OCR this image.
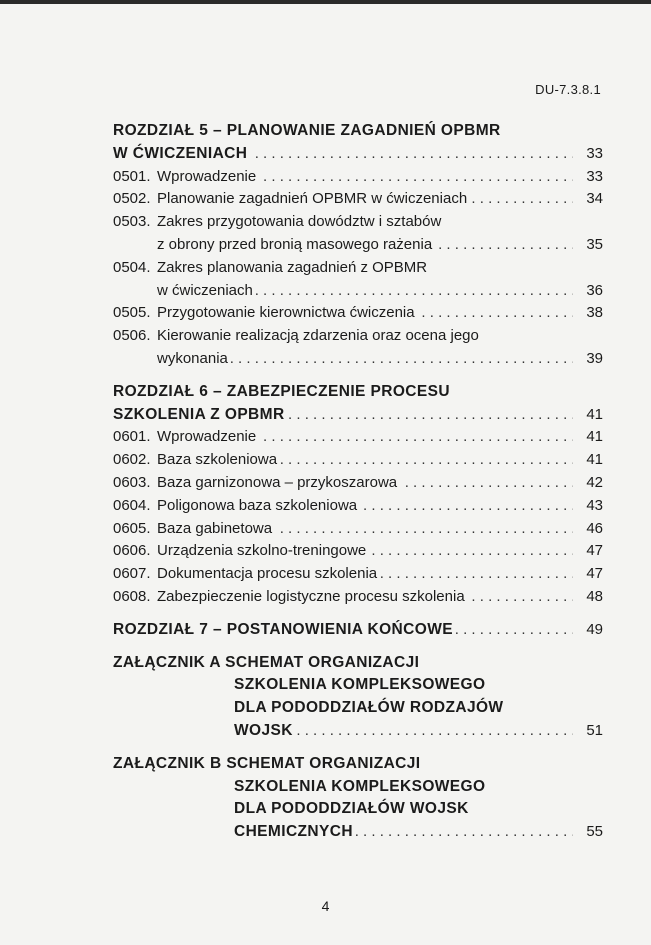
DU-7.3.8.1
ROZDZIAŁ 5 – PLANOWANIE ZAGADNIEŃ OPBMR
. . .
W ĆWICZENIACH	33
. . .
0501. Wprowadzenie	33
. . .
0502. Planowanie zagadnień OPBMR w ćwiczeniach	34
0503. Zakres przygotowania dowództw i sztabów
. . .
z obrony przed bronią masowego rażenia	35
0504. Zakres planowania zagadnień z OPBMR
. . .
w ćwiczeniach	36
. . .
0505. Przygotowanie kierownictwa ćwiczenia	38
0506. Kierowanie realizacją zdarzenia oraz ocena jego
. . .
wykonania	39
ROZDZIAŁ 6 – ZABEZPIECZENIE PROCESU
. . .
SZKOLENIA Z OPBMR	41
. . .
0601. Wprowadzenie	41
. . .
0602. Baza szkoleniowa	41
. . .
0603. Baza garnizonowa – przykoszarowa	42
. . .
0604. Poligonowa baza szkoleniowa	43
. . .
0605. Baza gabinetowa	46
. . .
0606. Urządzenia szkolno-treningowe	47
. . .
0607. Dokumentacja procesu szkolenia	47
. . .
0608. Zabezpieczenie logistyczne procesu szkolenia	48
. . .
ROZDZIAŁ 7 – POSTANOWIENIA KOŃCOWE	49
ZAŁĄCZNIK A SCHEMAT ORGANIZACJI
SZKOLENIA KOMPLEKSOWEGO
DLA PODODDZIAŁÓW RODZAJÓW
. . .
WOJSK	51
ZAŁĄCZNIK B SCHEMAT ORGANIZACJI
SZKOLENIA KOMPLEKSOWEGO
DLA PODODDZIAŁÓW WOJSK
. . .
CHEMICZNYCH	55
4
